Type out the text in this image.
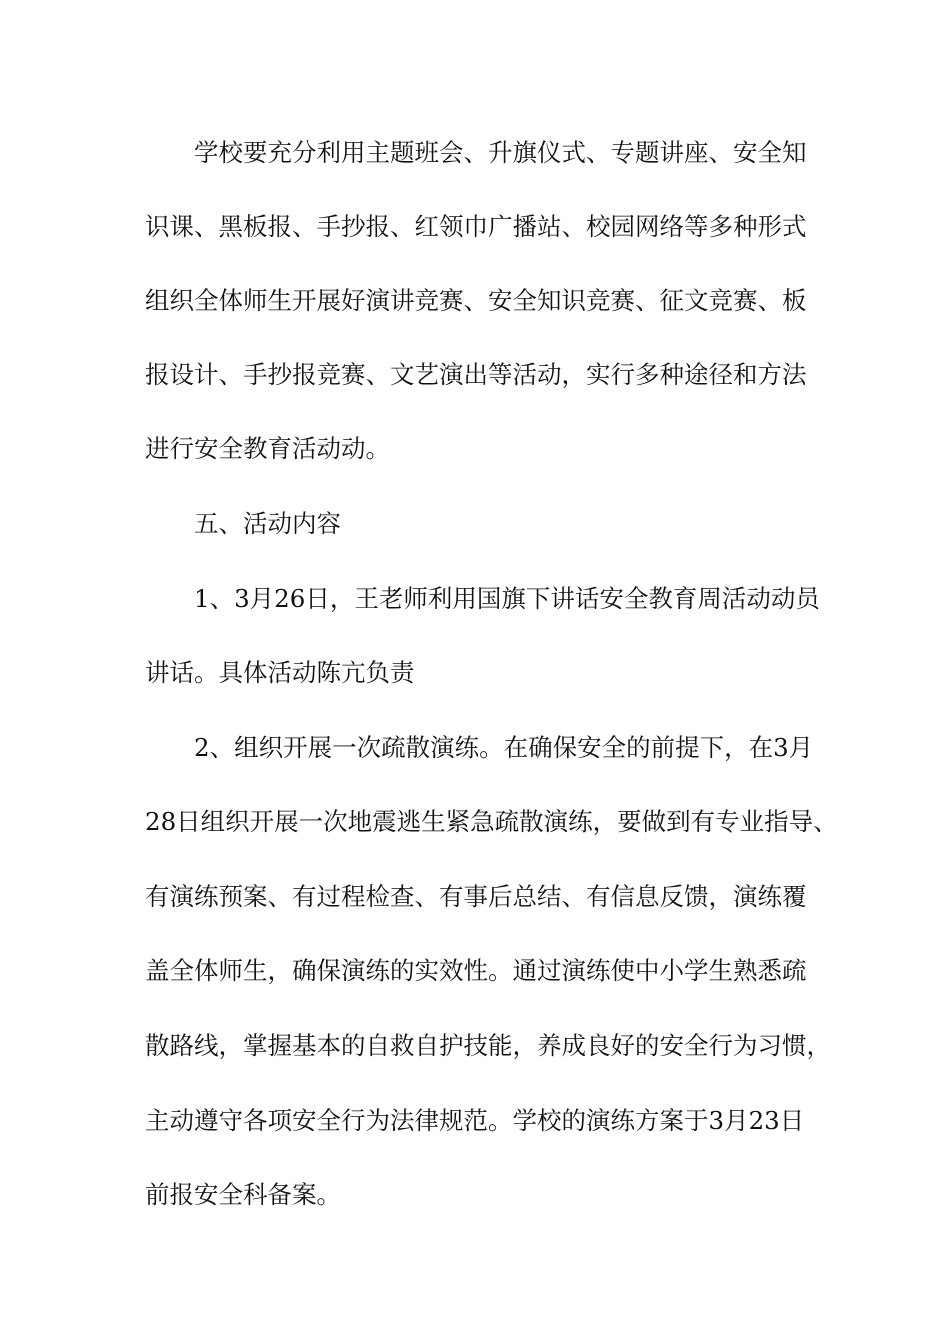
学校要充分利用主题班会、升旗仪式、专题讲座、安全知

识课、黑板报、手抄报、红领巾广播站、校园网络等多种形式

组织全体师生开展好演讲竞赛、安全知识竞赛、征文竞赛、板

报设计、手抄报竞赛、文艺演出等活动，实行多种途径和方法

进行安全教育活动动。

五、活动内容

1、3月26日，王老师利用国旗下讲话安全教育周活动动员

讲话。具体活动陈亢负责

2、组织开展一次疏散演练。在确保安全的前提下，在3月

28日组织开展一次地震逃生紧急疏散演练，要做到有专业指导、

有演练预案、有过程检查、有事后总结、有信息反馈，演练覆

盖全体师生，确保演练的实效性。通过演练使中小学生熟悉疏

散路线，掌握基本的自救自护技能，养成良好的安全行为习惯，

主动遵守各项安全行为法律规范。学校的演练方案于3月23日

前报安全科备案。
